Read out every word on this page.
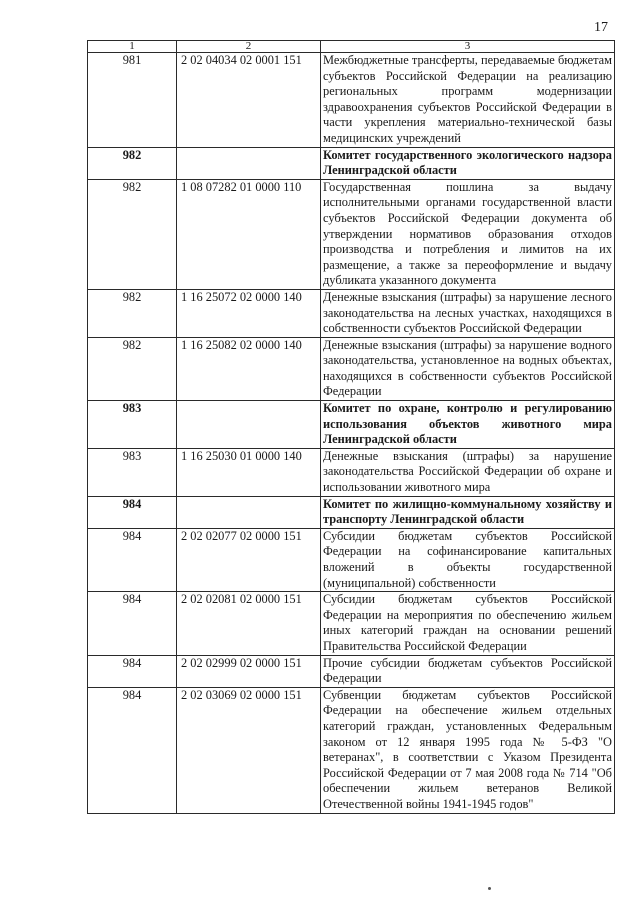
17
1	2	3
981	2 02 04034 02 0001 151	Межбюджетные трансферты, передаваемые бюджетам субъектов Российской Федерации на реализацию региональных программ модернизации здравоохранения субъектов Российской Федерации в части укрепления материально-технической базы медицинских учреждений
982		Комитет государственного экологического надзора Ленинградской области
982	1 08 07282 01 0000 110	Государственная пошлина за выдачу исполнительными органами государственной власти субъектов Российской Федерации документа об утверждении нормативов образования отходов производства и потребления и лимитов на их размещение, а также за переоформление и выдачу дубликата указанного документа
982	1 16 25072 02 0000 140	Денежные взыскания (штрафы) за нарушение лесного законодательства на лесных участках, находящихся в собственности субъектов Российской Федерации
982	1 16 25082 02 0000 140	Денежные взыскания (штрафы) за нарушение водного законодательства, установленное на водных объектах, находящихся в собственности субъектов Российской Федерации
983		Комитет по охране, контролю и регулированию использования объектов животного мира Ленинградской области
983	1 16 25030 01 0000 140	Денежные взыскания (штрафы) за нарушение законодательства Российской Федерации об охране и использовании животного мира
984		Комитет по жилищно-коммунальному хозяйству и транспорту Ленинградской области
984	2 02 02077 02 0000 151	Субсидии бюджетам субъектов Российской Федерации на софинансирование капитальных вложений в объекты государственной (муниципальной) собственности
984	2 02 02081 02 0000 151	Субсидии бюджетам субъектов Российской Федерации на мероприятия по обеспечению жильем иных категорий граждан на основании решений Правительства Российской Федерации
984	2 02 02999 02 0000 151	Прочие субсидии бюджетам субъектов Российской Федерации
984	2 02 03069 02 0000 151	Субвенции бюджетам субъектов Российской Федерации на обеспечение жильем отдельных категорий граждан, установленных Федеральным законом от 12 января 1995 года № 5-ФЗ "О ветеранах", в соответствии с Указом Президента Российской Федерации от 7 мая 2008 года № 714 "Об обеспечении жильем ветеранов Великой Отечественной войны 1941-1945 годов"
